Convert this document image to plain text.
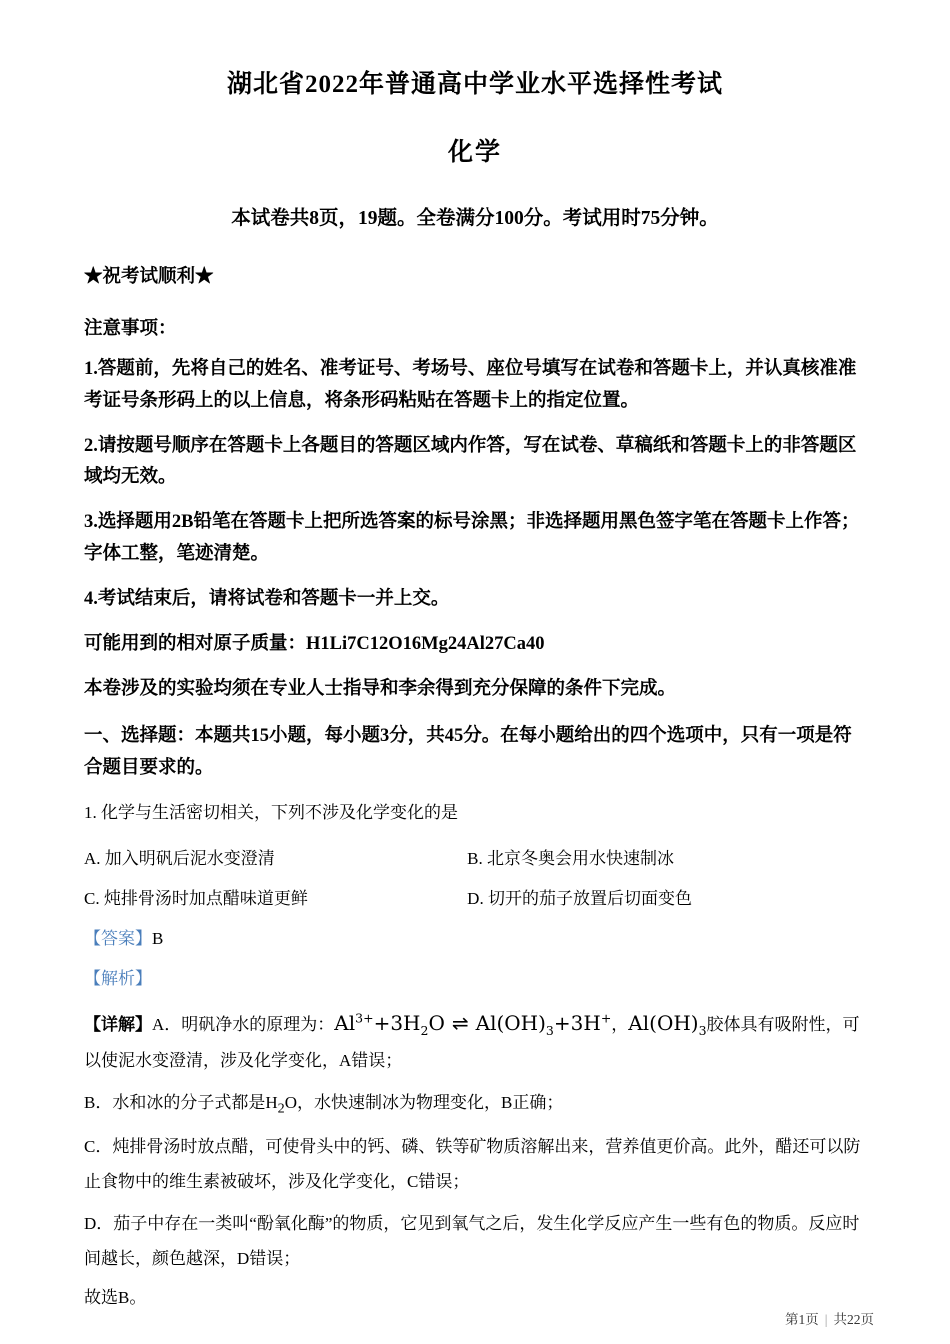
湖北省2022年普通高中学业水平选择性考试
化学
本试卷共8页，19题。全卷满分100分。考试用时75分钟。
★祝考试顺利★
注意事项：

1.答题前，先将自己的姓名、准考证号、考场号、座位号填写在试卷和答题卡上，并认真核准准考证号条形码上的以上信息，将条形码粘贴在答题卡上的指定位置。

2.请按题号顺序在答题卡上各题目的答题区域内作答，写在试卷、草稿纸和答题卡上的非答题区域均无效。

3.选择题用2B铅笔在答题卡上把所选答案的标号涂黑；非选择题用黑色签字笔在答题卡上作答；字体工整，笔迹清楚。

4.考试结束后，请将试卷和答题卡一并上交。

可能用到的相对原子质量：H1Li7C12O16Mg24Al27Ca40

本卷涉及的实验均须在专业人士指导和李余得到充分保障的条件下完成。

一、选择题：本题共15小题，每小题3分，共45分。在每小题给出的四个选项中，只有一项是符合题目要求的。

1. 化学与生活密切相关，下列不涉及化学变化的是
A. 加入明矾后泥水变澄清	B. 北京冬奥会用水快速制冰
C. 炖排骨汤时加点醋味道更鲜	D. 切开的茄子放置后切面变色
【答案】B
【解析】

【详解】A．明矾净水的原理为：$Al^{3+}+3H_2O$ ⇌ $Al(OH)_3+3H^+$，$Al(OH)_3$胶体具有吸附性，可以使泥水变澄清，涉及化学变化，A错误；

B．水和冰的分子式都是$H_2O$，水快速制冰为物理变化，B正确；

C．炖排骨汤时放点醋，可使骨头中的钙、磷、铁等矿物质溶解出来，营养值更价高。此外，醋还可以防止食物中的维生素被破坏，涉及化学变化，C错误；

D．茄子中存在一类叫“酚氧化酶”的物质，它见到氧气之后，发生化学反应产生一些有色的物质。反应时间越长，颜色越深，D错误；

故选B。

第1页 | 共22页
